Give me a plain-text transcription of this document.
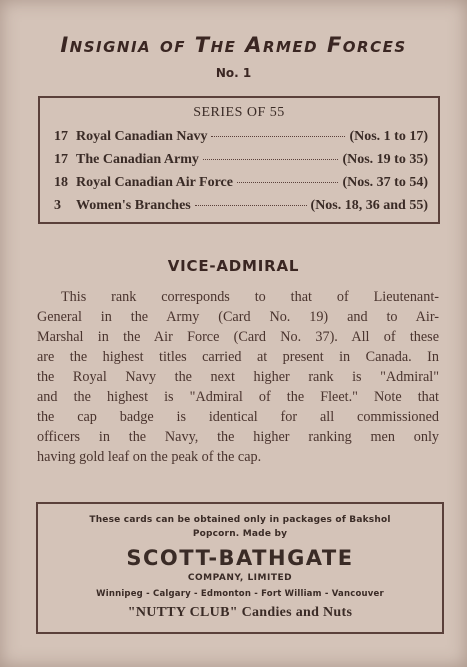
Insignia of The Armed Forces
No. 1
SERIES OF 55
17 Royal Canadian Navy	(Nos. 1 to 17)
17 The Canadian Army	(Nos. 19 to 35)
18 Royal Canadian Air Force	(Nos. 37 to 54)
3	Women's Branches	(Nos. 18, 36 and 55)
VICE-ADMIRAL
This rank corresponds to that of Lieutenant-
General in the Army (Card No. 19) and to Air-
Marshal in the Air Force (Card No. 37). All of these
are the highest titles carried at present in Canada. In
the Royal Navy the next higher rank is "Admiral"
and the highest is "Admiral of the Fleet." Note that
the cap badge is identical for all commissioned
officers in the Navy, the higher ranking men only
having gold leaf on the peak of the cap.
These cards can be obtained only in packages of Bakshol
Popcorn. Made by
SCOTT-BATHGATE
COMPANY, LIMITED
Winnipeg - Calgary - Edmonton - Fort William - Vancouver
"NUTTY CLUB" Candies and Nuts
